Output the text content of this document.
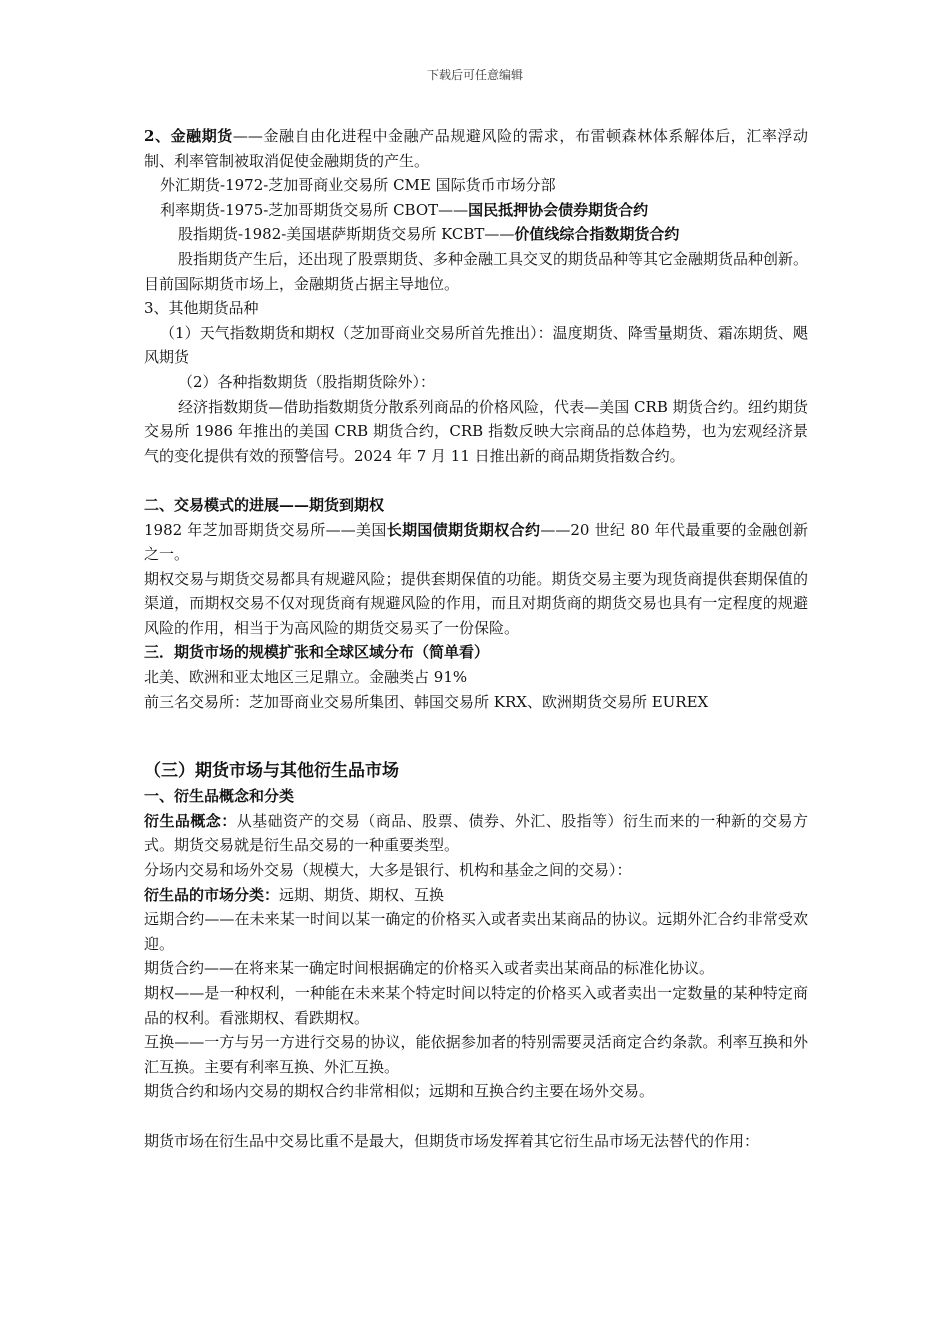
下载后可任意编辑

2、金融期货——金融自由化进程中金融产品规避风险的需求，布雷顿森林体系解体后，汇率浮动制、利率管制被取消促使金融期货的产生。

外汇期货-1972-芝加哥商业交易所 CME 国际货币市场分部

利率期货-1975-芝加哥期货交易所 CBOT——国民抵押协会债券期货合约

股指期货-1982-美国堪萨斯期货交易所 KCBT——价值线综合指数期货合约

股指期货产生后，还出现了股票期货、多种金融工具交叉的期货品种等其它金融期货品种创新。目前国际期货市场上，金融期货占据主导地位。

3、其他期货品种

（1）天气指数期货和期权（芝加哥商业交易所首先推出）：温度期货、降雪量期货、霜冻期货、飓风期货

（2）各种指数期货（股指期货除外）：

经济指数期货—借助指数期货分散系列商品的价格风险，代表—美国 CRB 期货合约。纽约期货交易所 1986 年推出的美国 CRB 期货合约，CRB 指数反映大宗商品的总体趋势，也为宏观经济景气的变化提供有效的预警信号。2024 年 7 月 11 日推出新的商品期货指数合约。

二、交易模式的进展——期货到期权

1982 年芝加哥期货交易所——美国长期国债期货期权合约——20 世纪 80 年代最重要的金融创新之一。

期权交易与期货交易都具有规避风险；提供套期保值的功能。期货交易主要为现货商提供套期保值的渠道，而期权交易不仅对现货商有规避风险的作用，而且对期货商的期货交易也具有一定程度的规避风险的作用，相当于为高风险的期货交易买了一份保险。

三．期货市场的规模扩张和全球区域分布（简单看）

北美、欧洲和亚太地区三足鼎立。金融类占 91%

前三名交易所：芝加哥商业交易所集团、韩国交易所 KRX、欧洲期货交易所 EUREX

（三）期货市场与其他衍生品市场

一、衍生品概念和分类

衍生品概念：从基础资产的交易（商品、股票、债券、外汇、股指等）衍生而来的一种新的交易方式。期货交易就是衍生品交易的一种重要类型。

分场内交易和场外交易（规模大，大多是银行、机构和基金之间的交易）：

衍生品的市场分类：远期、期货、期权、互换

远期合约——在未来某一时间以某一确定的价格买入或者卖出某商品的协议。远期外汇合约非常受欢迎。

期货合约——在将来某一确定时间根据确定的价格买入或者卖出某商品的标准化协议。

期权——是一种权利，一种能在未来某个特定时间以特定的价格买入或者卖出一定数量的某种特定商品的权利。看涨期权、看跌期权。

互换——一方与另一方进行交易的协议，能依据参加者的特别需要灵活商定合约条款。利率互换和外汇互换。主要有利率互换、外汇互换。

期货合约和场内交易的期权合约非常相似；远期和互换合约主要在场外交易。

期货市场在衍生品中交易比重不是最大，但期货市场发挥着其它衍生品市场无法替代的作用：
